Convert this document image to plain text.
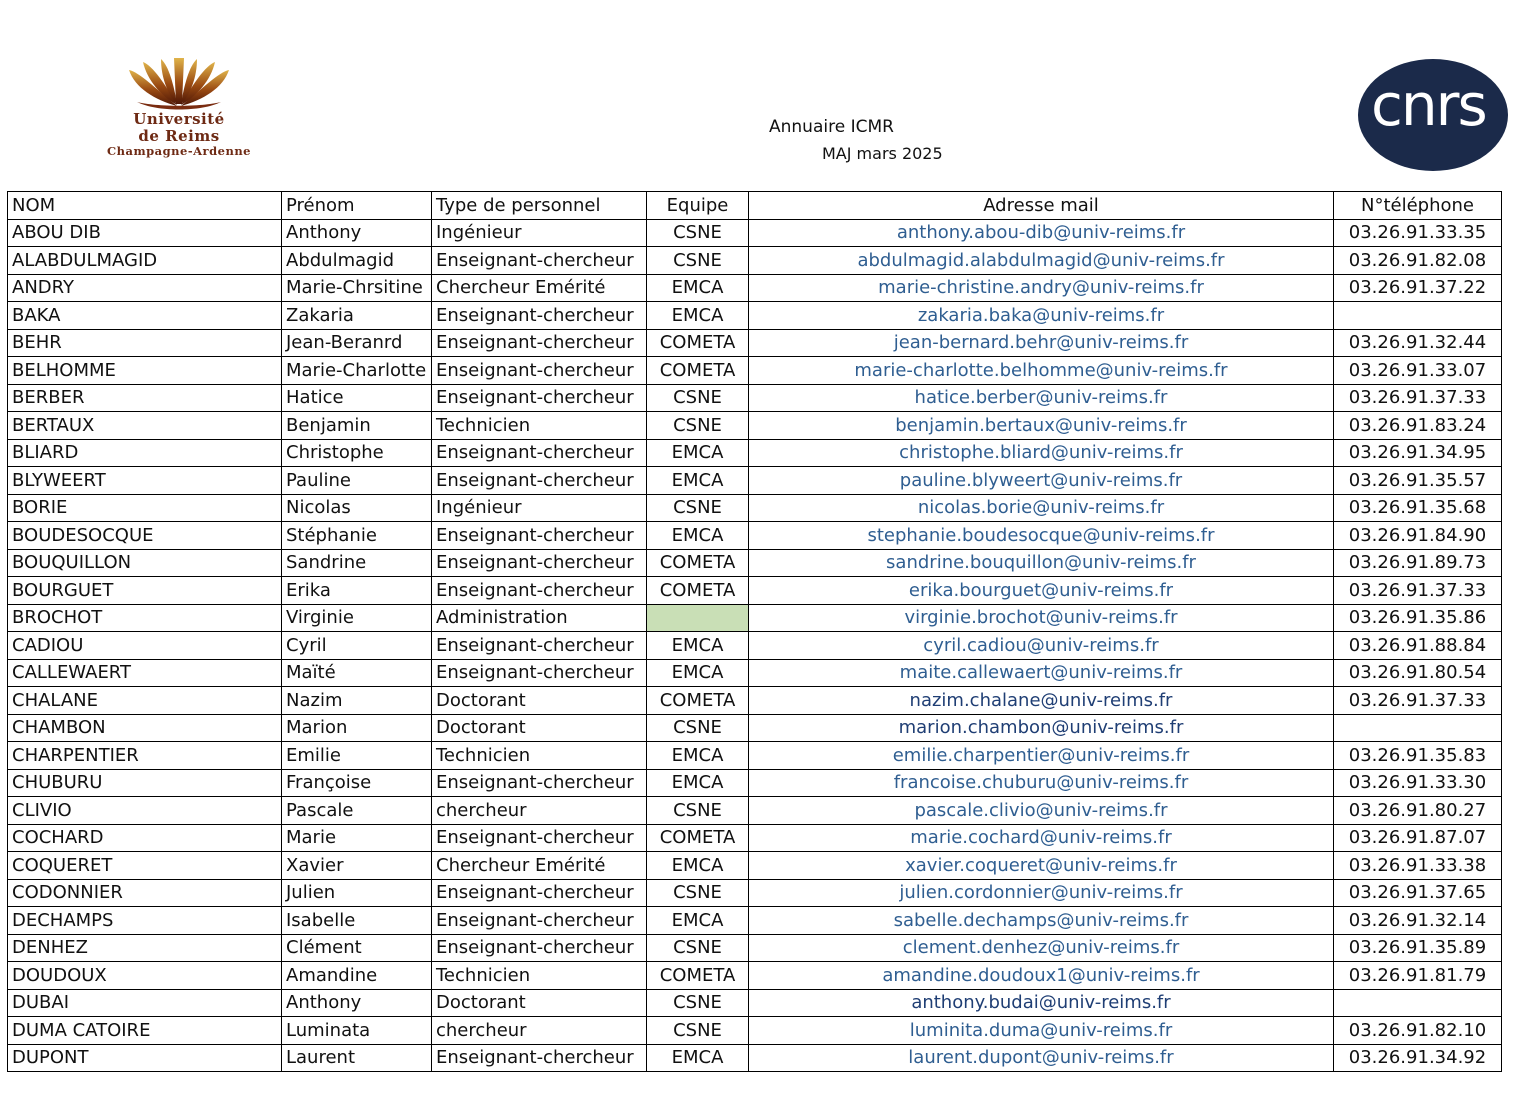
Université
de Reims
Champagne-Ardenne
Annuaire ICMR
MAJ mars 2025
cnrs
NOM	Prénom	Type de personnel	Equipe	Adresse mail	N°téléphone
ABOU DIB	Anthony	Ingénieur	CSNE	anthony.abou-dib@univ-reims.fr	03.26.91.33.35
ALABDULMAGID	Abdulmagid	Enseignant-chercheur	CSNE	abdulmagid.alabdulmagid@univ-reims.fr	03.26.91.82.08
ANDRY	Marie-Chrsitine	Chercheur Emérité	EMCA	marie-christine.andry@univ-reims.fr	03.26.91.37.22
BAKA	Zakaria	Enseignant-chercheur	EMCA	zakaria.baka@univ-reims.fr	
BEHR	Jean-Beranrd	Enseignant-chercheur	COMETA	jean-bernard.behr@univ-reims.fr	03.26.91.32.44
BELHOMME	Marie-Charlotte	Enseignant-chercheur	COMETA	marie-charlotte.belhomme@univ-reims.fr	03.26.91.33.07
BERBER	Hatice	Enseignant-chercheur	CSNE	hatice.berber@univ-reims.fr	03.26.91.37.33
BERTAUX	Benjamin	Technicien	CSNE	benjamin.bertaux@univ-reims.fr	03.26.91.83.24
BLIARD	Christophe	Enseignant-chercheur	EMCA	christophe.bliard@univ-reims.fr	03.26.91.34.95
BLYWEERT	Pauline	Enseignant-chercheur	EMCA	pauline.blyweert@univ-reims.fr	03.26.91.35.57
BORIE	Nicolas	Ingénieur	CSNE	nicolas.borie@univ-reims.fr	03.26.91.35.68
BOUDESOCQUE	Stéphanie	Enseignant-chercheur	EMCA	stephanie.boudesocque@univ-reims.fr	03.26.91.84.90
BOUQUILLON	Sandrine	Enseignant-chercheur	COMETA	sandrine.bouquillon@univ-reims.fr	03.26.91.89.73
BOURGUET	Erika	Enseignant-chercheur	COMETA	erika.bourguet@univ-reims.fr	03.26.91.37.33
BROCHOT	Virginie	Administration		virginie.brochot@univ-reims.fr	03.26.91.35.86
CADIOU	Cyril	Enseignant-chercheur	EMCA	cyril.cadiou@univ-reims.fr	03.26.91.88.84
CALLEWAERT	Maïté	Enseignant-chercheur	EMCA	maite.callewaert@univ-reims.fr	03.26.91.80.54
CHALANE	Nazim	Doctorant	COMETA	nazim.chalane@univ-reims.fr	03.26.91.37.33
CHAMBON	Marion	Doctorant	CSNE	marion.chambon@univ-reims.fr	
CHARPENTIER	Emilie	Technicien	EMCA	emilie.charpentier@univ-reims.fr	03.26.91.35.83
CHUBURU	Françoise	Enseignant-chercheur	EMCA	francoise.chuburu@univ-reims.fr	03.26.91.33.30
CLIVIO	Pascale	chercheur	CSNE	pascale.clivio@univ-reims.fr	03.26.91.80.27
COCHARD	Marie	Enseignant-chercheur	COMETA	marie.cochard@univ-reims.fr	03.26.91.87.07
COQUERET	Xavier	Chercheur Emérité	EMCA	xavier.coqueret@univ-reims.fr	03.26.91.33.38
CODONNIER	Julien	Enseignant-chercheur	CSNE	julien.cordonnier@univ-reims.fr	03.26.91.37.65
DECHAMPS	Isabelle	Enseignant-chercheur	EMCA	sabelle.dechamps@univ-reims.fr	03.26.91.32.14
DENHEZ	Clément	Enseignant-chercheur	CSNE	clement.denhez@univ-reims.fr	03.26.91.35.89
DOUDOUX	Amandine	Technicien	COMETA	amandine.doudoux1@univ-reims.fr	03.26.91.81.79
DUBAI	Anthony	Doctorant	CSNE	anthony.budai@univ-reims.fr	
DUMA CATOIRE	Luminata	chercheur	CSNE	luminita.duma@univ-reims.fr	03.26.91.82.10
DUPONT	Laurent	Enseignant-chercheur	EMCA	laurent.dupont@univ-reims.fr	03.26.91.34.92
